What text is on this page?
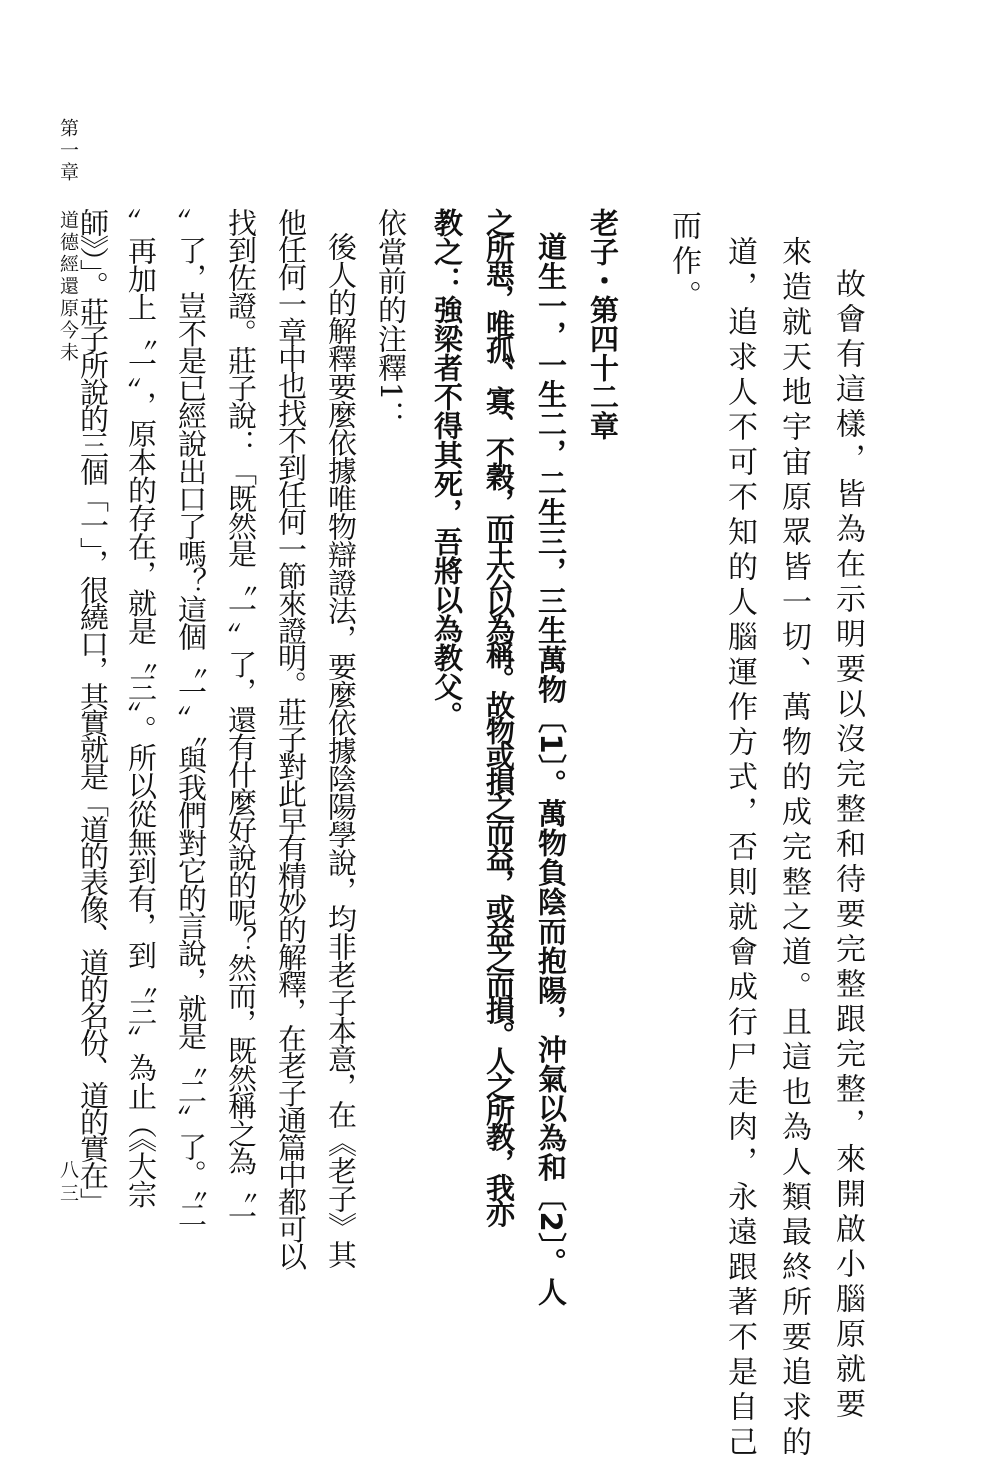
第一章道德經還原今未
八三	故會有這樣，皆為在示明要以沒完整和待要完整跟完整，來開啟小腦原就要
來造就天地宇宙原眾皆一切、萬物的成完整之道。且這也為人類最終所要追求的
道，追求人不可不知的人腦運作方式，否則就會成行尸走肉，永遠跟著不是自己
而作。
老子・第四十二章
道生一，一生二，二生三，三生萬物〔1〕。萬物負陰而抱陽，沖氣以為和〔2〕。人
之所惡，唯孤、寡、不穀，而王公以為稱。故物或損之而益，或益之而損。人之所教，我亦
教之：強梁者不得其死，吾將以為教父。
依當前的注釋1：
後人的解釋要麼依據唯物辯證法，要麼依據陰陽學說，均非老子本意，在《老子》其
他任何一章中也找不到任何一節來證明。莊子對此早有精妙的解釋，在老子通篇中都可以
找到佐證。莊子說：「既然是〝一〞了，還有什麼好說的呢？然而，既然稱之為〝一
〞了，豈不是已經說出口了嗎？這個〝一〞〝與我們對它的言說，就是〝二〞了。〝二
〞再加上〝一〞，原本的存在，就是〝三〞。所以從無到有，到〝三〞為止（《大宗
師》）」。莊子所說的三個「一」，很繞口，其實就是「道的表像、道的名份、道的實在」
